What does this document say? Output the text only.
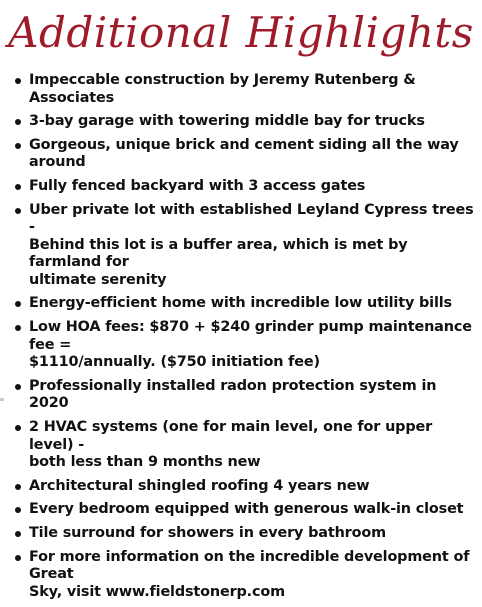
Additional Highlights
Impeccable construction by Jeremy Rutenberg & Associates
3-bay garage with towering middle bay for trucks
Gorgeous, unique brick and cement siding all the way around
Fully fenced backyard with 3 access gates
Uber private lot with established Leyland Cypress trees -
Behind this lot is a buffer area, which is met by farmland for
ultimate serenity
Energy-efficient home with incredible low utility bills
Low HOA fees: $870 + $240 grinder pump maintenance fee =
$1110/annually. ($750 initiation fee)
Professionally installed radon protection system in 2020
2 HVAC systems (one for main level, one for upper level) -
both less than 9 months new
Architectural shingled roofing 4 years new
Every bedroom equipped with generous walk-in closet
Tile surround for showers in every bathroom
For more information on the incredible development of Great
Sky, visit www.fieldstonerp.com
